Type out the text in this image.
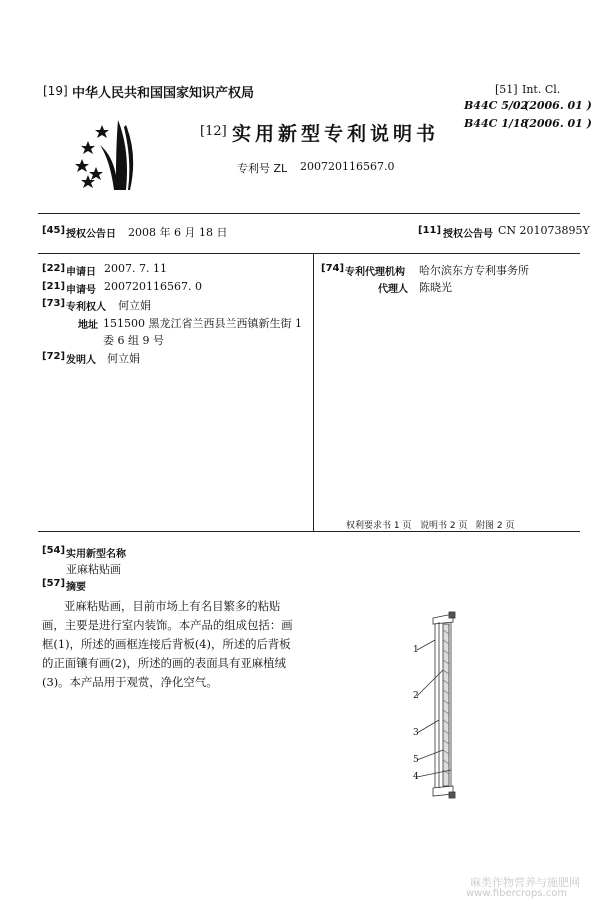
[19] 中华人民共和国国家知识产权局
[12] 实用新型专利说明书
专利号 ZL 200720116567.0
[51] Int. Cl.
B44C 5/02
(2006. 01 )
B44C 1/18
(2006. 01 )
[45] 授权公告日 2008 年 6 月 18 日	[11] 授权公告号 CN 201073895Y
[22] 申请日 2007. 7. 11
[21] 申请号 200720116567. 0
[73] 专利权人 何立娟
地址 151500 黑龙江省兰西县兰西镇新生街 1
委 6 组 9 号
[72] 发明人 何立娟
[74] 专利代理机构 哈尔滨东方专利事务所
代理人 陈晓光
权利要求书 1 页   说明书 2 页   附图 2 页
[54] 实用新型名称
亚麻粘贴画
[57] 摘要

亚麻粘贴画，目前市场上有名目繁多的粘贴

画，主要是进行室内装饰。本产品的组成包括：画

框(1)，所述的画框连接后背板(4)，所述的后背板

的正面镶有画(2)，所述的画的表面具有亚麻植绒

(3)。本产品用于观赏，净化空气。

1
2
3
5
4
麻类作物营养与施肥网
www.fibercrops.com
